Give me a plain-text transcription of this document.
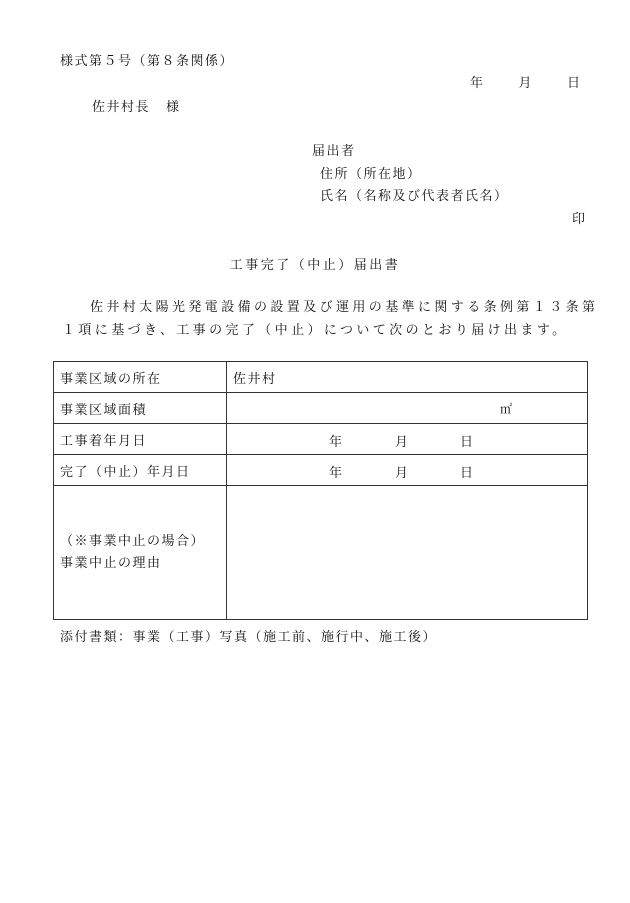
様式第５号（第８条関係）
年	月	日
佐井村長 様
届出者
住所（所在地）
氏名（名称及び代表者氏名）
印
工事完了（中止）届出書
佐井村太陽光発電設備の設置及び運用の基準に関する条例第１３条第１項に基づき、工事の完了（中止）について次のとおり届け出ます。
事業区域の所在	佐井村
事業区域面積	㎡
工事着年月日	年 月 日

完了（中止）年月日	年 月 日

（※事業中止の場合）
事業中止の理由	

添付書類：事業（工事）写真（施工前、施行中、施工後）
